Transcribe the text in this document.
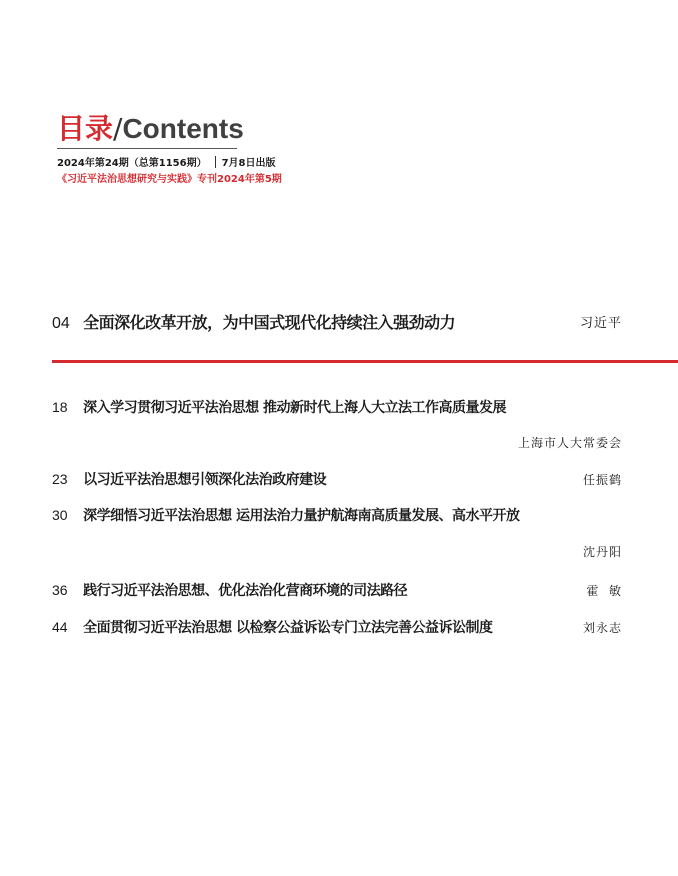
目录/Contents
2024年第24期（总第1156期） 7月8日出版
《习近平法治思想研究与实践》专刊2024年第5期
04 全面深化改革开放，为中国式现代化持续注入强劲动力	习近平
18 深入学习贯彻习近平法治思想 推动新时代上海人大立法工作高质量发展
上海市人大常委会
23 以习近平法治思想引领深化法治政府建设	任振鹤
30 深学细悟习近平法治思想 运用法治力量护航海南高质量发展、高水平开放
沈丹阳
36 践行习近平法治思想、优化法治化营商环境的司法路径	霍  敏
44 全面贯彻习近平法治思想 以检察公益诉讼专门立法完善公益诉讼制度	刘永志
